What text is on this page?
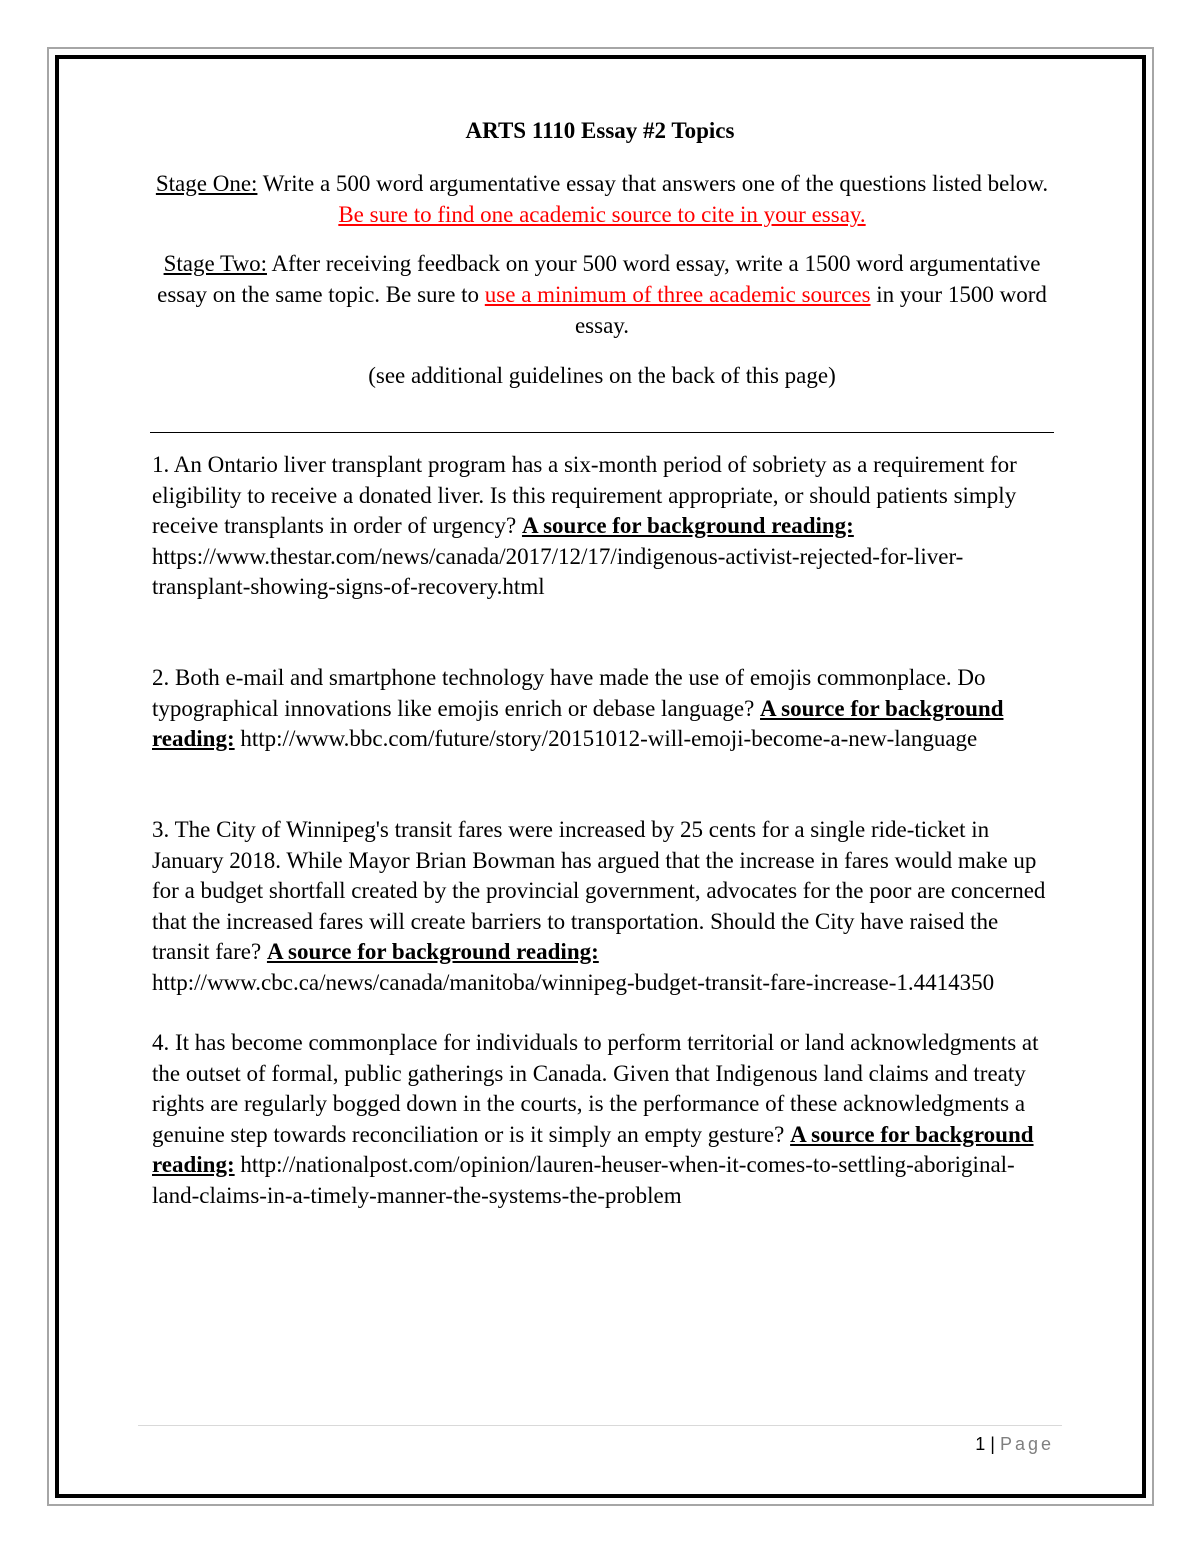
ARTS 1110 Essay #2 Topics
Stage One: Write a 500 word argumentative essay that answers one of the questions listed below. Be sure to find one academic source to cite in your essay.
Stage Two: After receiving feedback on your 500 word essay, write a 1500 word argumentative essay on the same topic. Be sure to use a minimum of three academic sources in your 1500 word essay.
(see additional guidelines on the back of this page)
1. An Ontario liver transplant program has a six-month period of sobriety as a requirement for eligibility to receive a donated liver. Is this requirement appropriate, or should patients simply receive transplants in order of urgency? A source for background reading: https://www.thestar.com/news/canada/2017/12/17/indigenous-activist-rejected-for-liver-transplant-showing-signs-of-recovery.html
2. Both e-mail and smartphone technology have made the use of emojis commonplace. Do typographical innovations like emojis enrich or debase language? A source for background reading: http://www.bbc.com/future/story/20151012-will-emoji-become-a-new-language
3. The City of Winnipeg's transit fares were increased by 25 cents for a single ride-ticket in January 2018. While Mayor Brian Bowman has argued that the increase in fares would make up for a budget shortfall created by the provincial government, advocates for the poor are concerned that the increased fares will create barriers to transportation. Should the City have raised the transit fare? A source for background reading: http://www.cbc.ca/news/canada/manitoba/winnipeg-budget-transit-fare-increase-1.4414350
4. It has become commonplace for individuals to perform territorial or land acknowledgments at the outset of formal, public gatherings in Canada. Given that Indigenous land claims and treaty rights are regularly bogged down in the courts, is the performance of these acknowledgments a genuine step towards reconciliation or is it simply an empty gesture? A source for background reading: http://nationalpost.com/opinion/lauren-heuser-when-it-comes-to-settling-aboriginal-land-claims-in-a-timely-manner-the-systems-the-problem
1 | Page
